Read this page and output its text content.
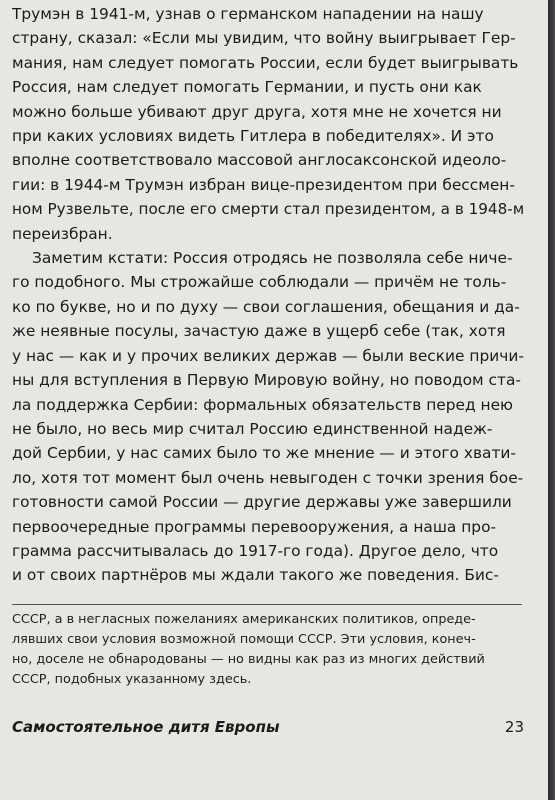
Трумэн в 1941-м, узнав о германском нападении на нашу
страну, сказал: «Если мы увидим, что войну выигрывает Гер-
мания, нам следует помогать России, если будет выигрывать
Россия, нам следует помогать Германии, и пусть они как
можно больше убивают друг друга, хотя мне не хочется ни
при каких условиях видеть Гитлера в победителях». И это
вполне соответствовало массовой англосаксонской идеоло-
гии: в 1944-м Трумэн избран вице-президентом при бессмен-
ном Рузвельте, после его смерти стал президентом, а в 1948-м
переизбран.

Заметим кстати: Россия отродясь не позволяла себе ниче-
го подобного. Мы строжайше соблюдали — причём не толь-
ко по букве, но и по духу — свои соглашения, обещания и да-
же неявные посулы, зачастую даже в ущерб себе (так, хотя
у нас — как и у прочих великих держав — были веские причи-
ны для вступления в Первую Мировую войну, но поводом ста-
ла поддержка Сербии: формальных обязательств перед нею
не было, но весь мир считал Россию единственной надеж-
дой Сербии, у нас самих было то же мнение — и этого хвати-
ло, хотя тот момент был очень невыгоден с точки зрения бое-
готовности самой России — другие державы уже завершили
первоочередные программы перевооружения, а наша про-
грамма рассчитывалась до 1917-го года). Другое дело, что
и от своих партнёров мы ждали такого же поведения. Бис-

СССР, а в негласных пожеланиях американских политиков, опреде-
лявших свои условия возможной помощи СССР. Эти условия, конеч-
но, доселе не обнародованы — но видны как раз из многих действий
СССР, подобных указанному здесь.
Самостоятельное дитя Европы	23
